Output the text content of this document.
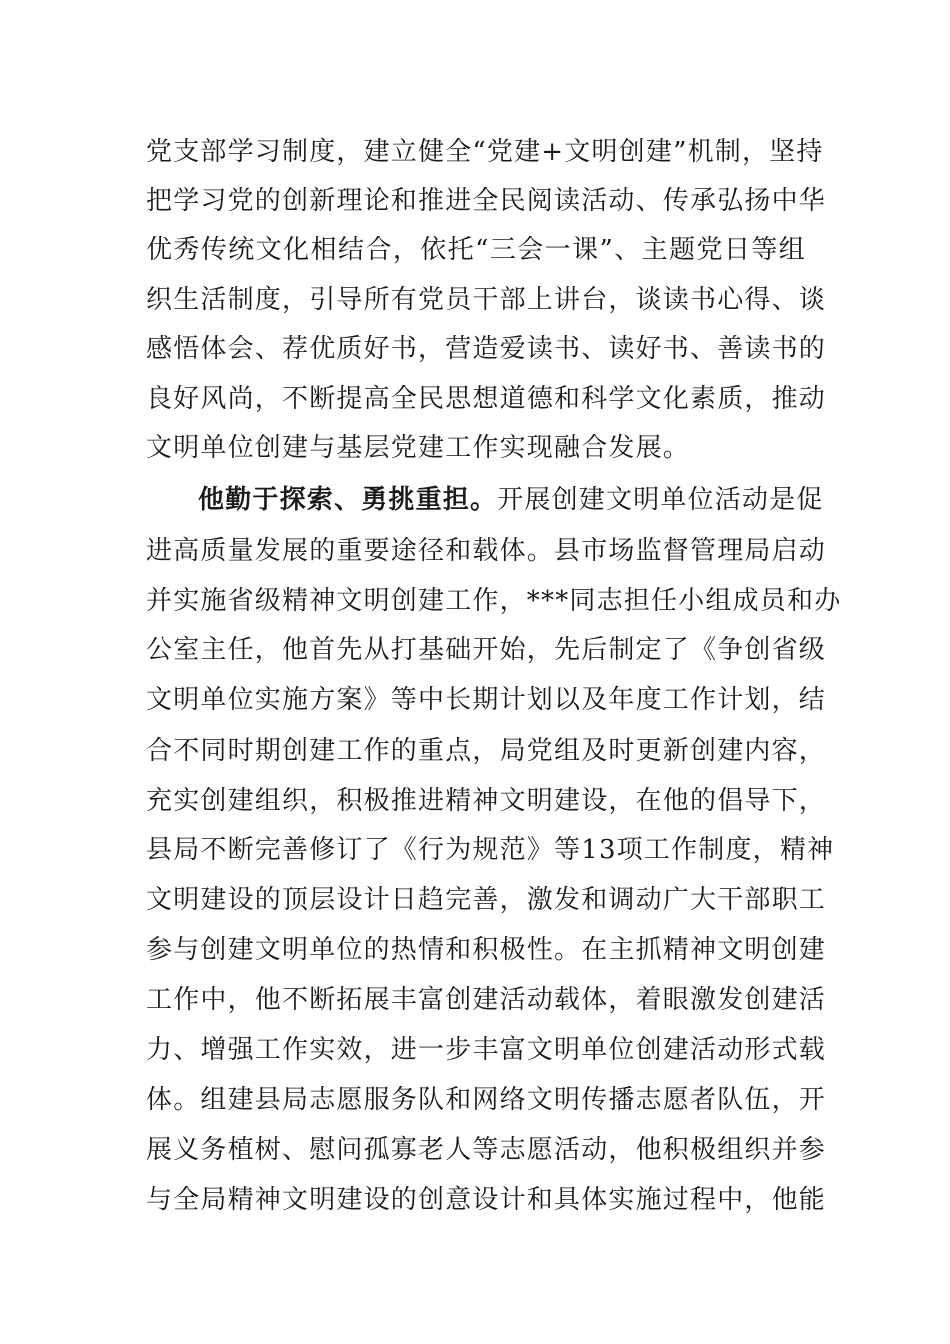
党支部学习制度，建立健全“党建+文明创建”机制，坚持
把学习党的创新理论和推进全民阅读活动、传承弘扬中华
优秀传统文化相结合，依托“三会一课”、主题党日等组
织生活制度，引导所有党员干部上讲台，谈读书心得、谈
感悟体会、荐优质好书，营造爱读书、读好书、善读书的
良好风尚，不断提高全民思想道德和科学文化素质，推动
文明单位创建与基层党建工作实现融合发展。
他勤于探索、勇挑重担。开展创建文明单位活动是促
进高质量发展的重要途径和载体。县市场监督管理局启动
并实施省级精神文明创建工作，***同志担任小组成员和办
公室主任，他首先从打基础开始，先后制定了《争创省级
文明单位实施方案》等中长期计划以及年度工作计划，结
合不同时期创建工作的重点，局党组及时更新创建内容，
充实创建组织，积极推进精神文明建设，在他的倡导下，
县局不断完善修订了《行为规范》等13项工作制度，精神
文明建设的顶层设计日趋完善，激发和调动广大干部职工
参与创建文明单位的热情和积极性。在主抓精神文明创建
工作中，他不断拓展丰富创建活动载体，着眼激发创建活
力、增强工作实效，进一步丰富文明单位创建活动形式载
体。组建县局志愿服务队和网络文明传播志愿者队伍，开
展义务植树、慰问孤寡老人等志愿活动，他积极组织并参
与全局精神文明建设的创意设计和具体实施过程中，他能
